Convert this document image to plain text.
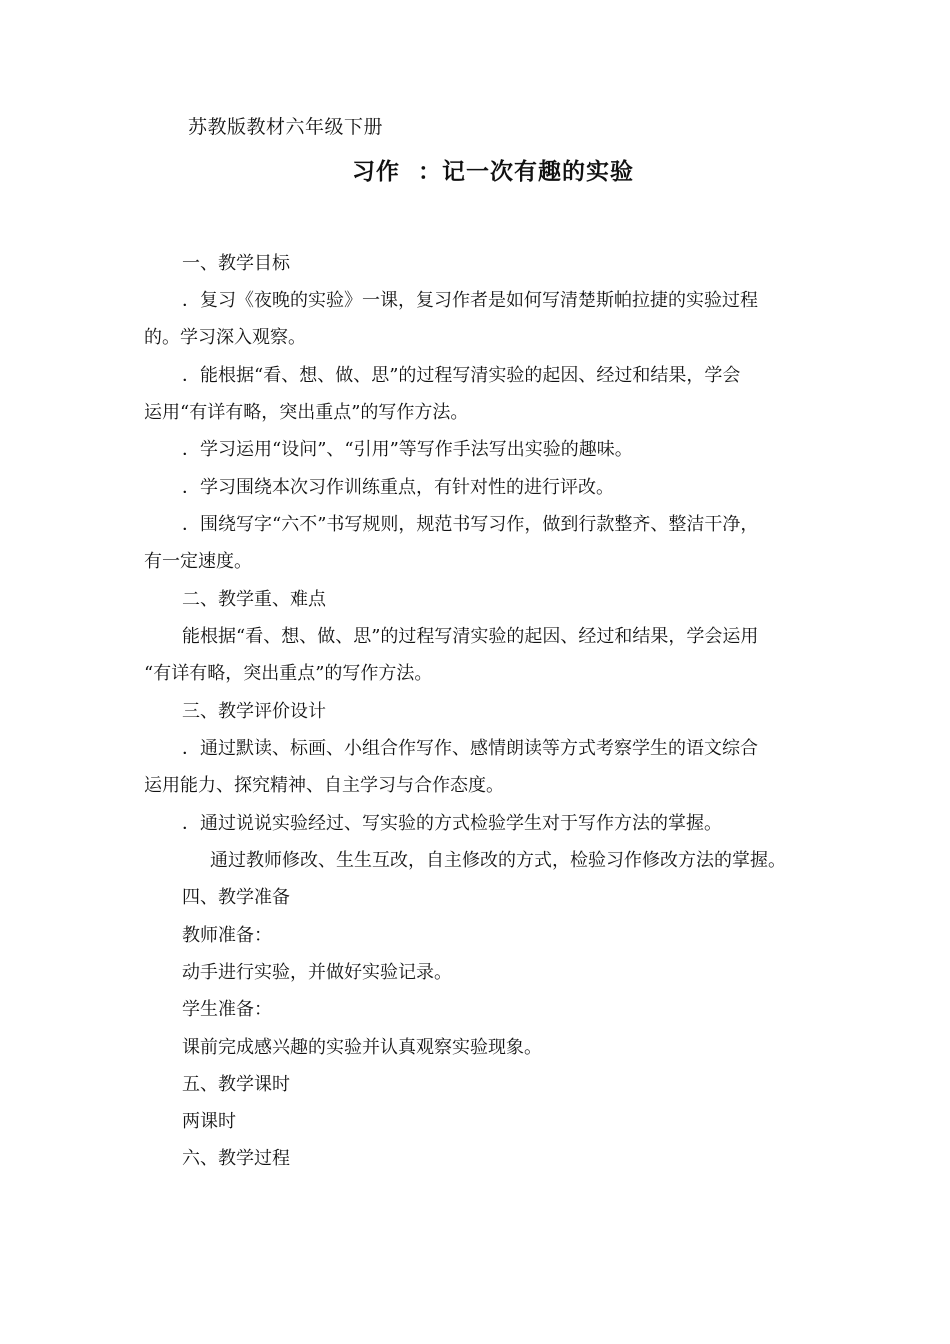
苏教版教材六年级下册
习作  ：记一次有趣的实验
一、教学目标
．复习《夜晚的实验》一课，复习作者是如何写清楚斯帕拉捷的实验过程
的。学习深入观察。
．能根据“看、想、做、思”的过程写清实验的起因、经过和结果，学会
运用“有详有略，突出重点”的写作方法。
．学习运用“设问”、“引用”等写作手法写出实验的趣味。
．学习围绕本次习作训练重点，有针对性的进行评改。
．围绕写字“六不”书写规则，规范书写习作，做到行款整齐、整洁干净，
有一定速度。
二、教学重、难点
能根据“看、想、做、思”的过程写清实验的起因、经过和结果，学会运用
“有详有略，突出重点”的写作方法。
三、教学评价设计
．通过默读、标画、小组合作写作、感情朗读等方式考察学生的语文综合
运用能力、探究精神、自主学习与合作态度。
．通过说说实验经过、写实验的方式检验学生对于写作方法的掌握。
通过教师修改、生生互改，自主修改的方式，检验习作修改方法的掌握。
四、教学准备
教师准备：
动手进行实验，并做好实验记录。
学生准备：
课前完成感兴趣的实验并认真观察实验现象。
五、教学课时
两课时
六、教学过程
